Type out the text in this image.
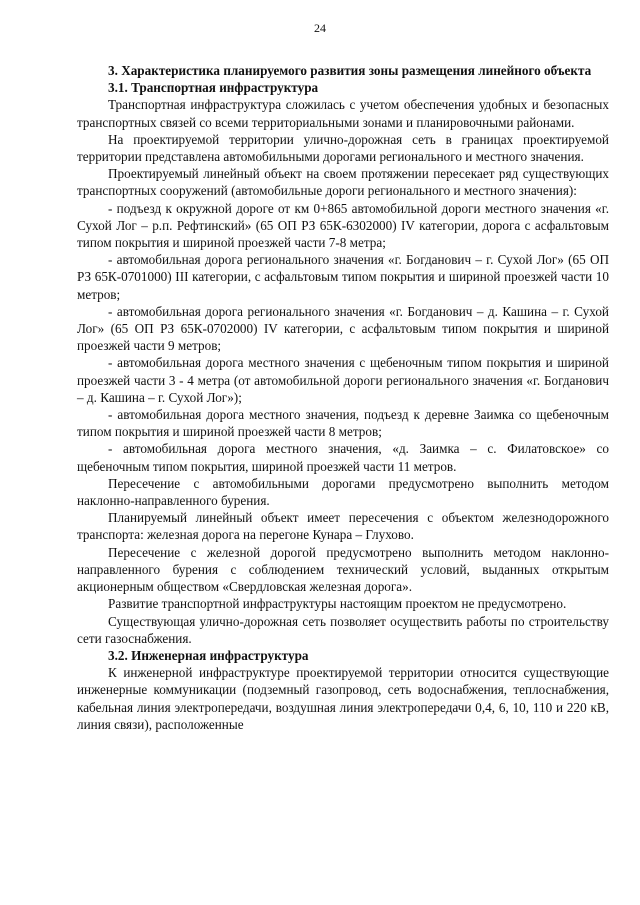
24
3. Характеристика планируемого развития зоны размещения линейного объекта
3.1. Транспортная инфраструктура

Транспортная инфраструктура сложилась с учетом обеспечения удобных и безопасных транспортных связей со всеми территориальными зонами и планировочными районами.

На проектируемой территории улично-дорожная сеть в границах проектируемой территории представлена автомобильными дорогами регионального и местного значения.

Проектируемый линейный объект на своем протяжении пересекает ряд существующих транспортных сооружений (автомобильные дороги регионального и местного значения):

- подъезд к окружной дороге от км 0+865 автомобильной дороги местного значения «г. Сухой Лог – р.п. Рефтинский» (65 ОП РЗ 65К-6302000) IV категории, дорога с асфальтовым типом покрытия и шириной проезжей части 7-8 метра;

- автомобильная дорога регионального значения «г. Богданович – г. Сухой Лог» (65 ОП РЗ 65К-0701000) III категории, с асфальтовым типом покрытия и шириной проезжей части 10 метров;

- автомобильная дорога регионального значения «г. Богданович – д. Кашина – г. Сухой Лог» (65 ОП РЗ 65К-0702000) IV категории, с асфальтовым типом покрытия и шириной проезжей части 9 метров;

- автомобильная дорога местного значения с щебеночным типом покрытия и шириной проезжей части 3 - 4 метра (от автомобильной дороги регионального значения «г. Богданович – д. Кашина – г. Сухой Лог»);

- автомобильная дорога местного значения, подъезд к деревне Заимка со щебеночным типом покрытия и шириной проезжей части 8 метров;

- автомобильная дорога местного значения, «д. Заимка – с. Филатовское» со щебеночным типом покрытия, шириной проезжей части 11 метров.

Пересечение с автомобильными дорогами предусмотрено выполнить методом наклонно-направленного бурения.

Планируемый линейный объект имеет пересечения с объектом железнодорожного транспорта: железная дорога на перегоне Кунара – Глухово.

Пересечение с железной дорогой предусмотрено выполнить методом наклонно-направленного бурения с соблюдением технический условий, выданных открытым акционерным обществом «Свердловская железная дорога».

Развитие транспортной инфраструктуры настоящим проектом не предусмотрено.

Существующая улично-дорожная сеть позволяет осуществить работы по строительству сети газоснабжения.

3.2. Инженерная инфраструктура

К инженерной инфраструктуре проектируемой территории относится существующие инженерные коммуникации (подземный газопровод, сеть водоснабжения, теплоснабжения, кабельная линия электропередачи, воздушная линия электропередачи 0,4, 6, 10, 110 и 220 кВ, линия связи), расположенные
